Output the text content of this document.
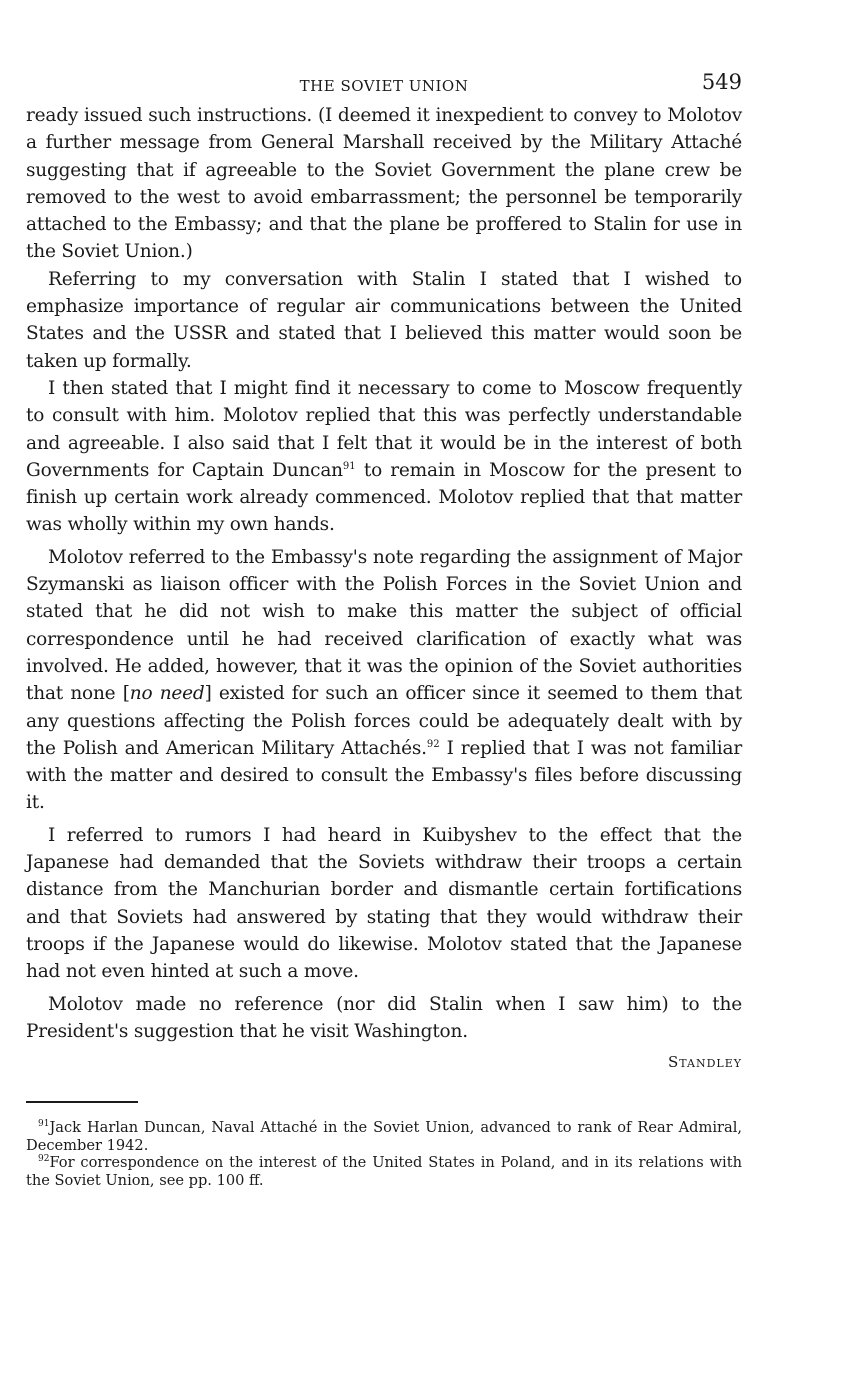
THE SOVIET UNION	549

ready issued such instructions. (I deemed it inexpedient to convey to Molotov a further message from General Marshall received by the Military Attaché suggesting that if agreeable to the Soviet Government the plane crew be removed to the west to avoid embarrassment; the personnel be temporarily attached to the Embassy; and that the plane be proffered to Stalin for use in the Soviet Union.)

Referring to my conversation with Stalin I stated that I wished to emphasize importance of regular air communications between the United States and the USSR and stated that I believed this matter would soon be taken up formally.

I then stated that I might find it necessary to come to Moscow frequently to consult with him. Molotov replied that this was perfectly understandable and agreeable. I also said that I felt that it would be in the interest of both Governments for Captain Duncan$^{91}$ to remain in Moscow for the present to finish up certain work already commenced. Molotov replied that that matter was wholly within my own hands.

Molotov referred to the Embassy's note regarding the assignment of Major Szymanski as liaison officer with the Polish Forces in the Soviet Union and stated that he did not wish to make this matter the subject of official correspondence until he had received clarification of exactly what was involved. He added, however, that it was the opinion of the Soviet authorities that none [no need] existed for such an officer since it seemed to them that any questions affecting the Polish forces could be adequately dealt with by the Polish and American Military Attachés.$^{92}$ I replied that I was not familiar with the matter and desired to consult the Embassy's files before discussing it.

I referred to rumors I had heard in Kuibyshev to the effect that the Japanese had demanded that the Soviets withdraw their troops a certain distance from the Manchurian border and dismantle certain fortifications and that Soviets had answered by stating that they would withdraw their troops if the Japanese would do likewise. Molotov stated that the Japanese had not even hinted at such a move.

Molotov made no reference (nor did Stalin when I saw him) to the President's suggestion that he visit Washington.

Standley

$^{91}$Jack Harlan Duncan, Naval Attaché in the Soviet Union, advanced to rank of Rear Admiral, December 1942.

$^{92}$For correspondence on the interest of the United States in Poland, and in its relations with the Soviet Union, see pp. 100 ff.
